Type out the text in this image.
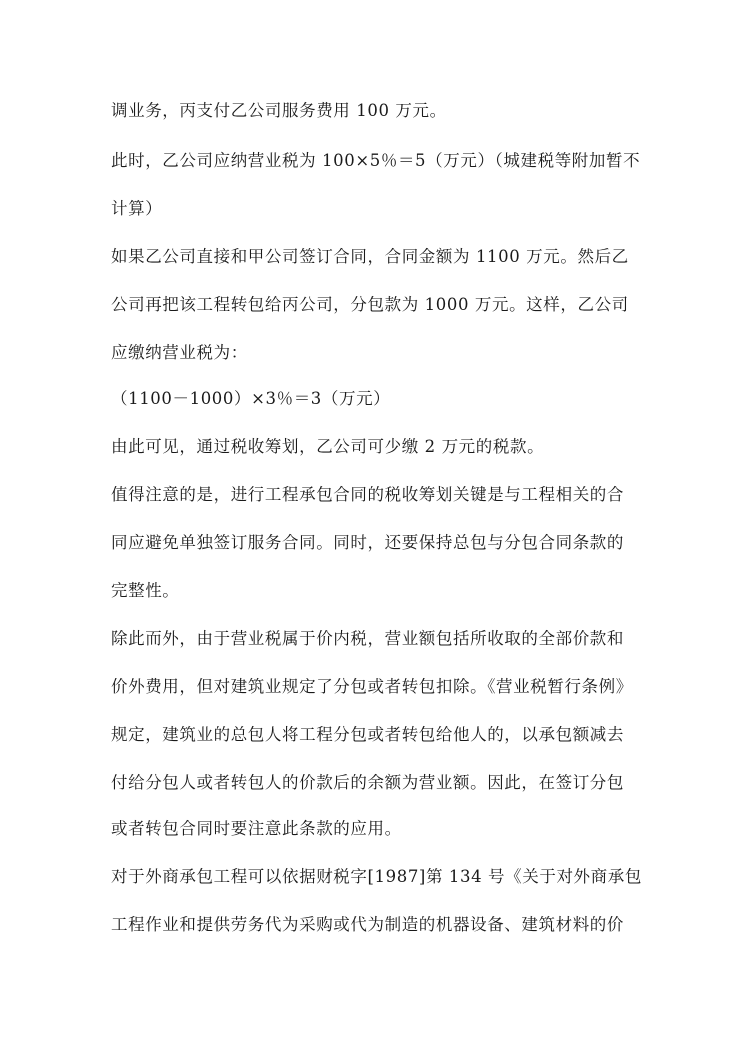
调业务，丙支付乙公司服务费用 100 万元。
此时，乙公司应纳营业税为 100×5％＝5（万元）（城建税等附加暂不
计算）
如果乙公司直接和甲公司签订合同，合同金额为 1100 万元。然后乙
公司再把该工程转包给丙公司，分包款为 1000 万元。这样，乙公司
应缴纳营业税为：
（1100－1000）×3％＝3（万元）
由此可见，通过税收筹划，乙公司可少缴 2 万元的税款。
值得注意的是，进行工程承包合同的税收筹划关键是与工程相关的合
同应避免单独签订服务合同。同时，还要保持总包与分包合同条款的
完整性。
除此而外，由于营业税属于价内税，营业额包括所收取的全部价款和
价外费用，但对建筑业规定了分包或者转包扣除。《营业税暂行条例》
规定，建筑业的总包人将工程分包或者转包给他人的，以承包额减去
付给分包人或者转包人的价款后的余额为营业额。因此，在签订分包
或者转包合同时要注意此条款的应用。
对于外商承包工程可以依据财税字[1987]第 134 号《关于对外商承包
工程作业和提供劳务代为采购或代为制造的机器设备、建筑材料的价
